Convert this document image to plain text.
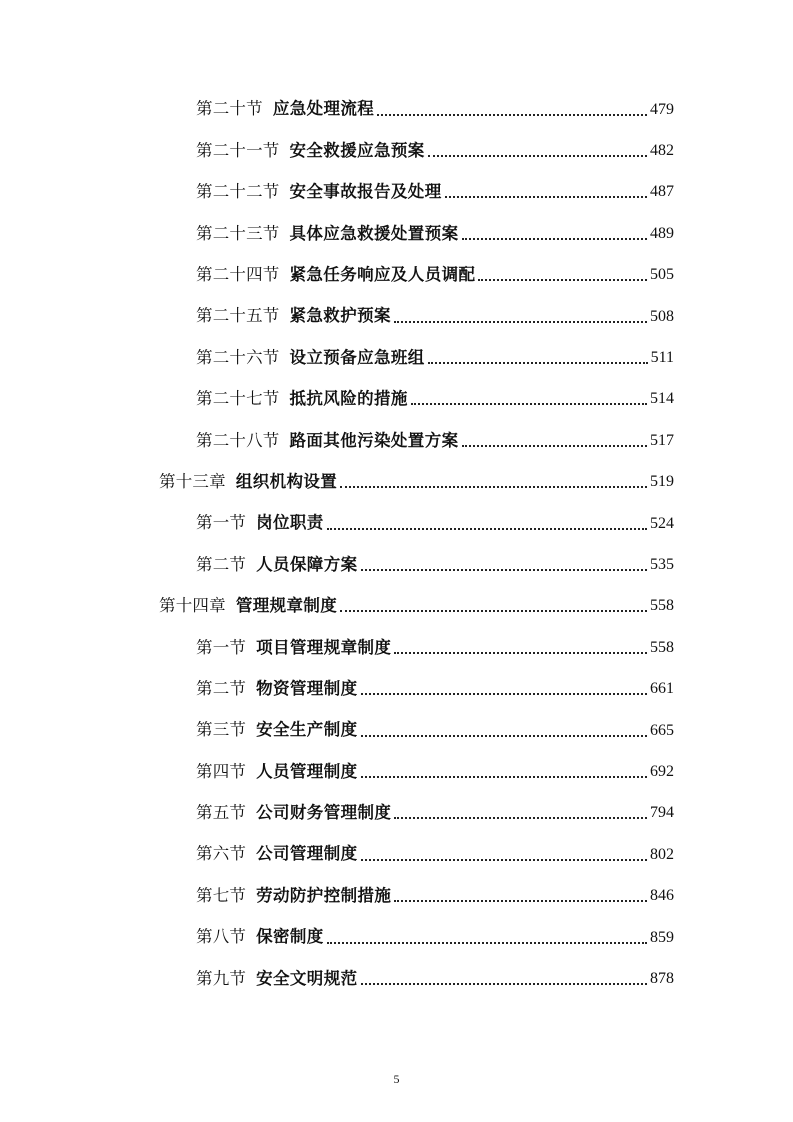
第二十节 应急处理流程	479
第二十一节 安全救援应急预案	482
第二十二节 安全事故报告及处理	487
第二十三节 具体应急救援处置预案	489
第二十四节 紧急任务响应及人员调配	505
第二十五节 紧急救护预案	508
第二十六节 设立预备应急班组	511
第二十七节 抵抗风险的措施	514
第二十八节 路面其他污染处置方案	517
第十三章 组织机构设置	519
第一节 岗位职责	524
第二节 人员保障方案	535
第十四章 管理规章制度	558
第一节 项目管理规章制度	558
第二节 物资管理制度	661
第三节 安全生产制度	665
第四节 人员管理制度	692
第五节 公司财务管理制度	794
第六节 公司管理制度	802
第七节 劳动防护控制措施	846
第八节 保密制度	859
第九节 安全文明规范	878
5
